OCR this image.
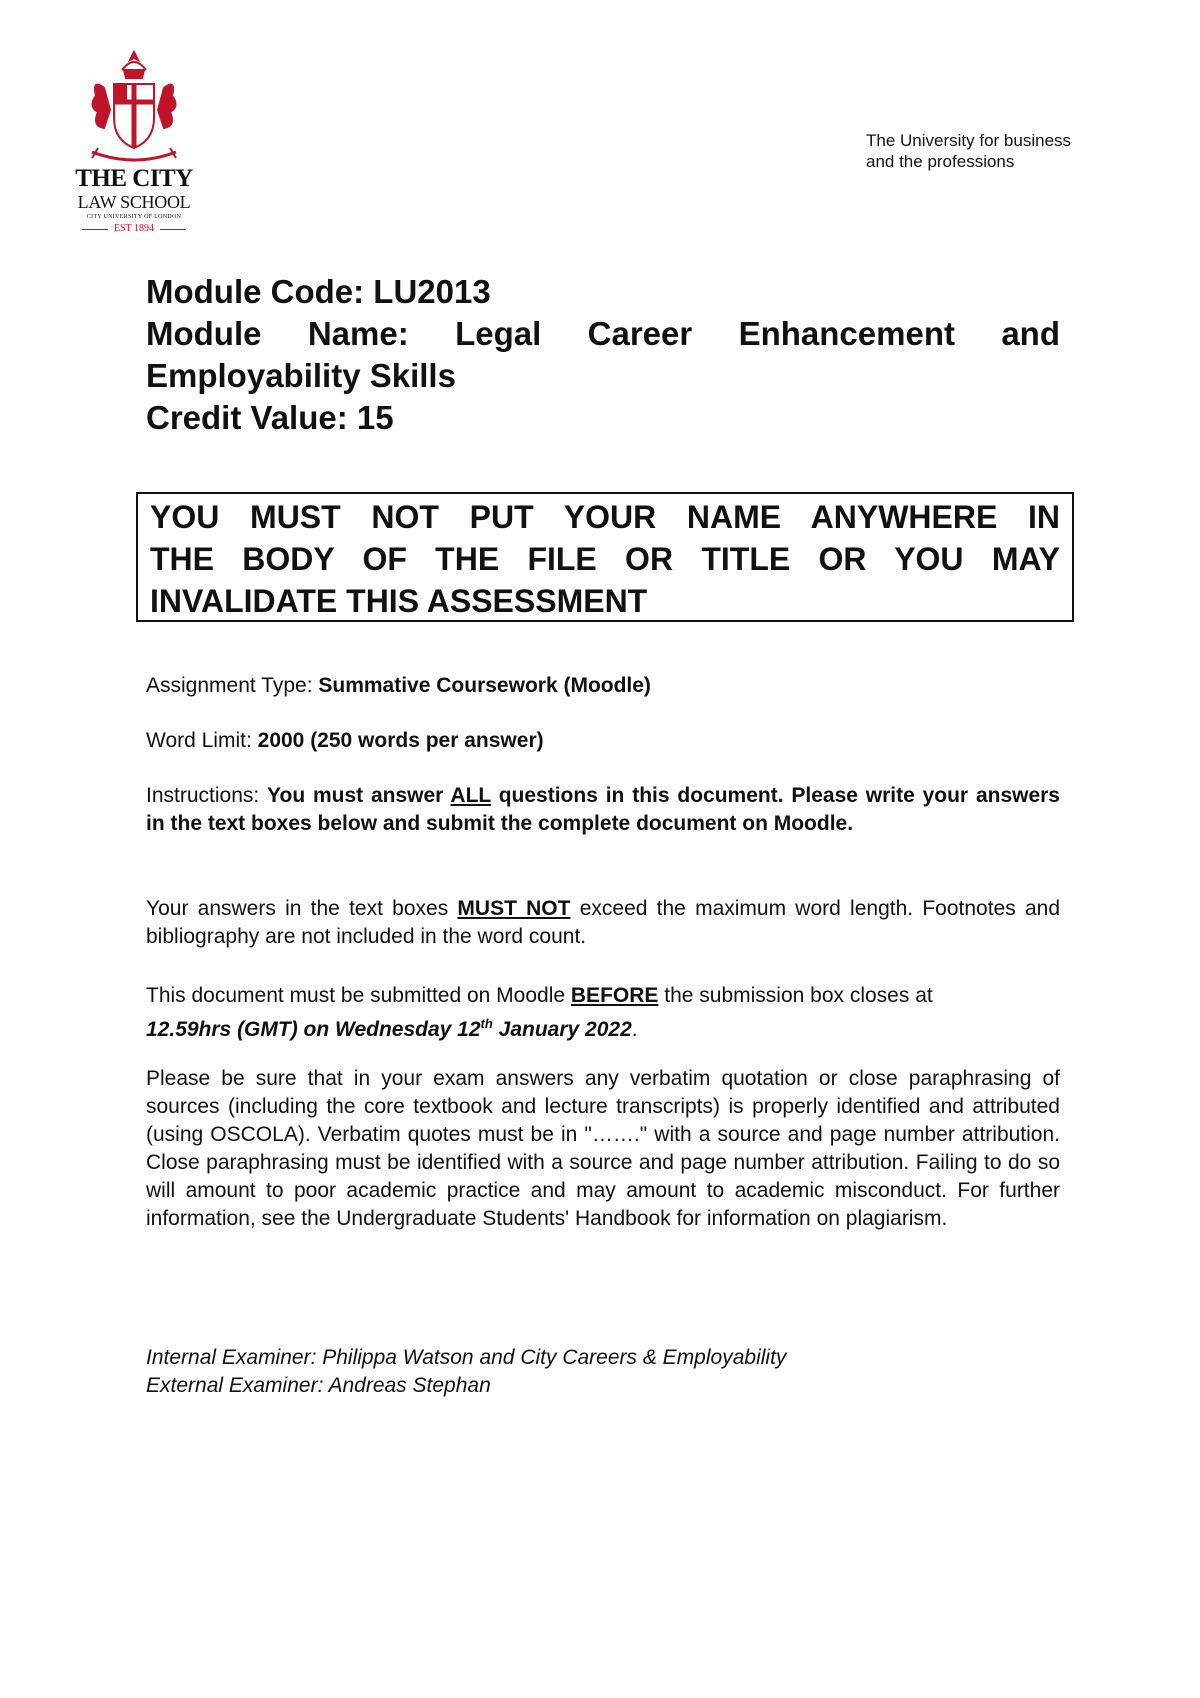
THE CITY
LAW SCHOOL
CITY UNIVERSITY OF LONDON
EST 1894
The University for business
and the professions
Module Code: LU2013
Module Name: Legal Career Enhancement and
Employability Skills
Credit Value: 15
YOU MUST NOT PUT YOUR NAME ANYWHERE IN
THE BODY OF THE FILE OR TITLE OR YOU MAY
INVALIDATE THIS ASSESSMENT
Assignment Type: Summative Coursework (Moodle)
Word Limit: 2000 (250 words per answer)
Instructions: You must answer ALL questions in this document. Please write your answers in the text boxes below and submit the complete document on Moodle.
Your answers in the text boxes MUST NOT exceed the maximum word length. Footnotes and bibliography are not included in the word count.
This document must be submitted on Moodle BEFORE the submission box closes at
12.59hrs (GMT) on Wednesday 12th January 2022.
Please be sure that in your exam answers any verbatim quotation or close paraphrasing of sources (including the core textbook and lecture transcripts) is properly identified and attributed (using OSCOLA). Verbatim quotes must be in "……." with a source and page number attribution. Close paraphrasing must be identified with a source and page number attribution. Failing to do so will amount to poor academic practice and may amount to academic misconduct. For further information, see the Undergraduate Students' Handbook for information on plagiarism.
Internal Examiner: Philippa Watson and City Careers & Employability
External Examiner: Andreas Stephan
